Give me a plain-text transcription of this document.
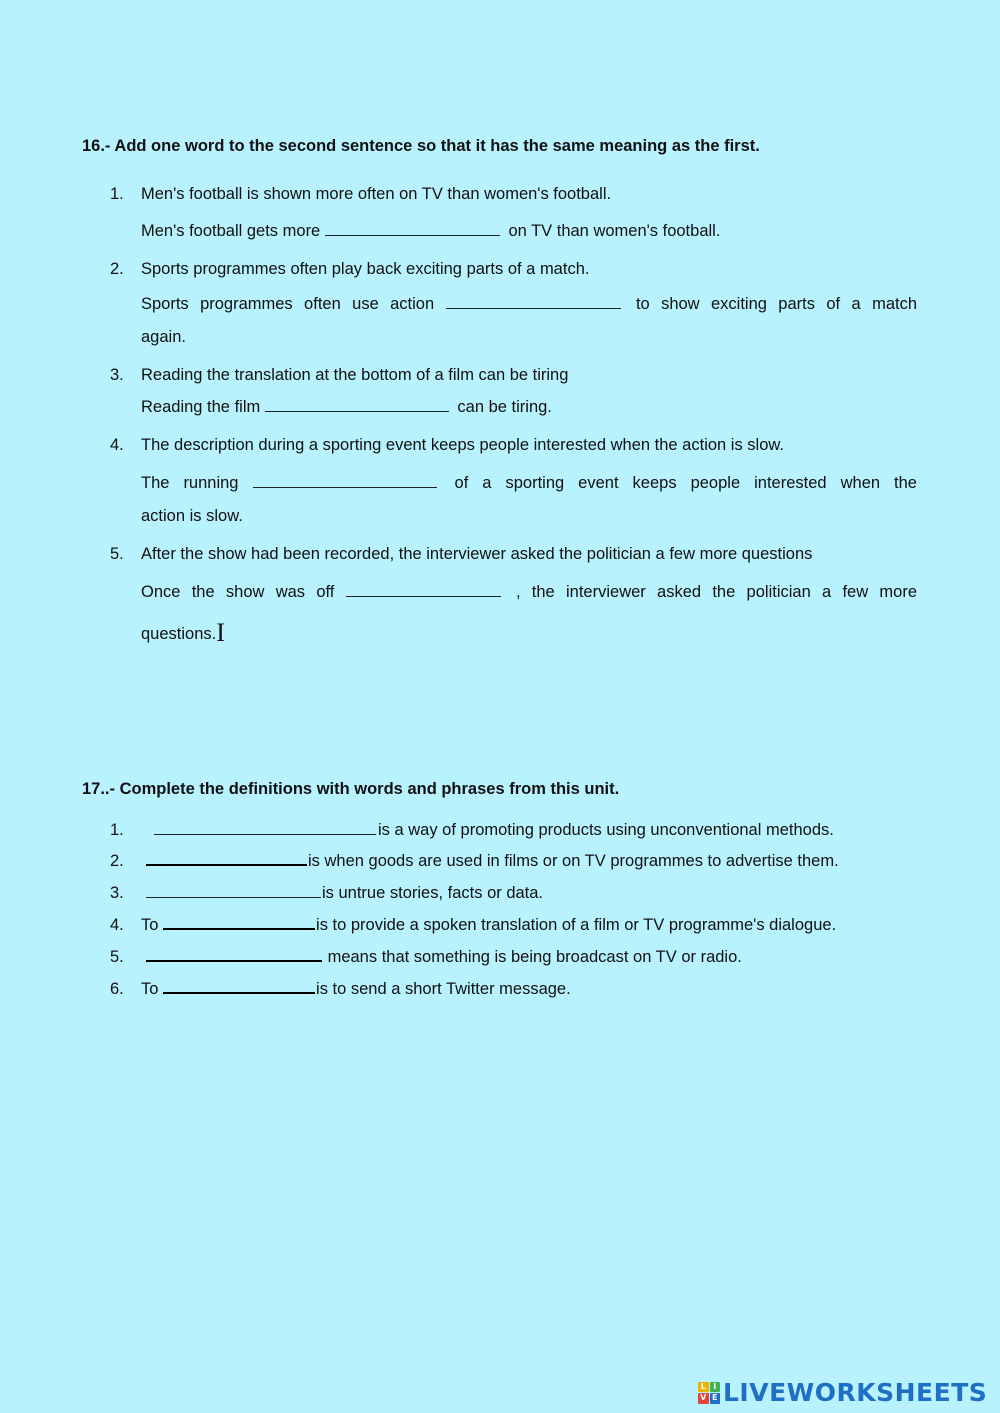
16.- Add one word to the second sentence so that it has the same meaning as the first.
1. Men's football is shown more often on TV than women's football.
Men's football gets more	on TV than women's football.
2. Sports programmes often play back exciting parts of a match.
Sports programmes often use action	to show exciting parts of a match
again.
3. Reading the translation at the bottom of a film can be tiring
Reading the film	can be tiring.
4. The description during a sporting event keeps people interested when the action is slow.
The running	of a sporting event keeps people interested when the
action is slow.
5. After the show had been recorded, the interviewer asked the politician a few more questions
Once the show was off	, the interviewer asked the politician a few more
questions.I
17..- Complete the definitions with words and phrases from this unit.
1.	is a way of promoting products using unconventional methods.
2.	is when goods are used in films or on TV programmes to advertise them.
3.	is untrue stories, facts or data.
4. To	is to provide a spoken translation of a film or TV programme's dialogue.
5.	means that something is being broadcast on TV or radio.
6. To	is to send a short Twitter message.
L I
V E LIVEWORKSHEETS
